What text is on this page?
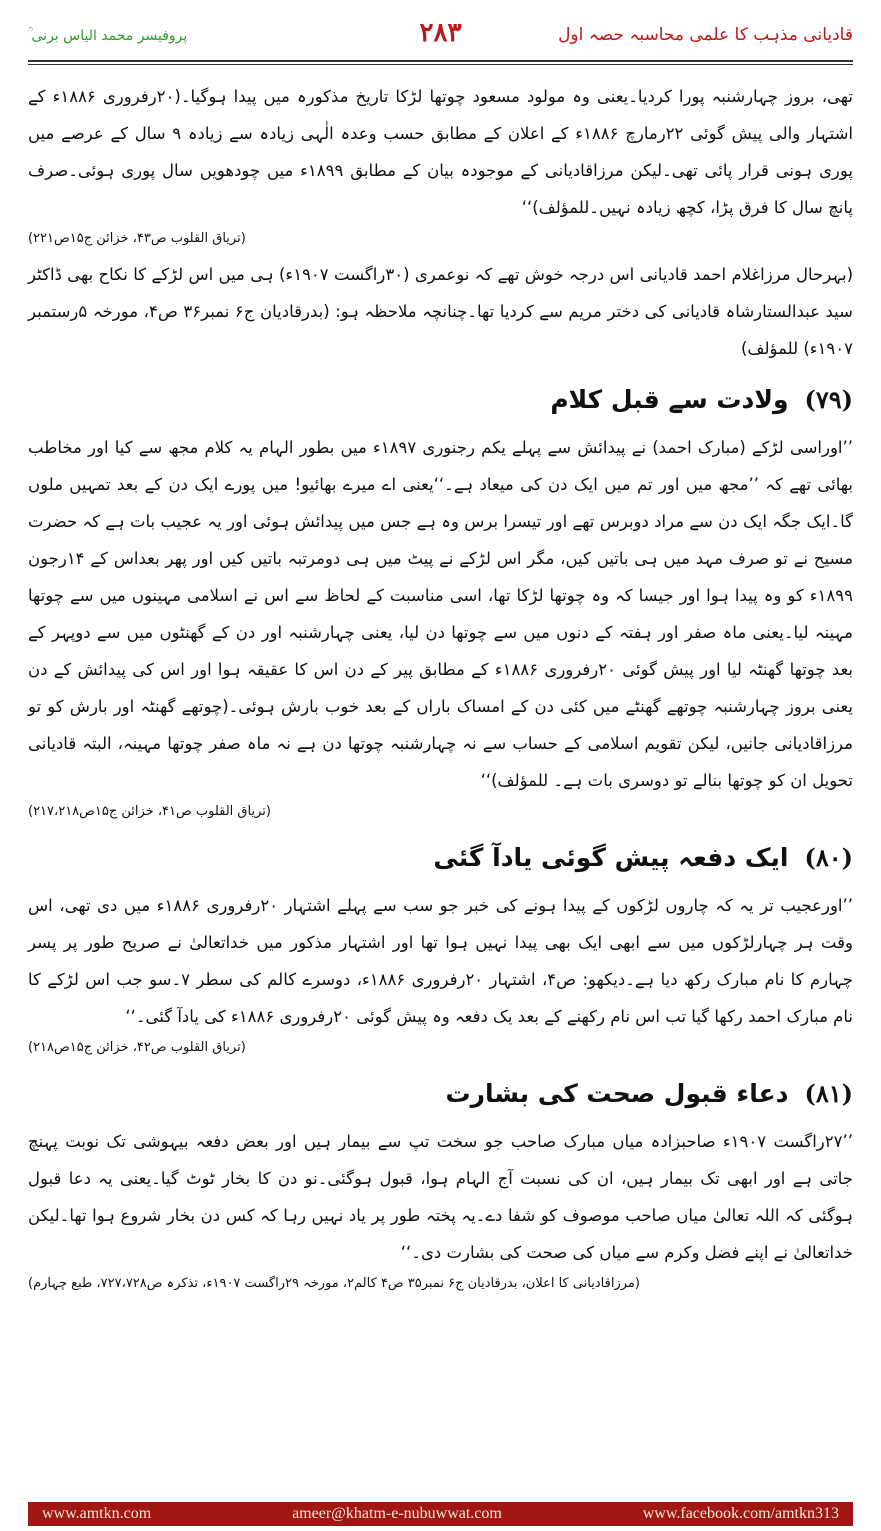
قادیانی مذہب کا علمی محاسبہ حصہ اول
۲۸۳
پروفیسر محمد الیاس برنی ؒ

تھی، بروز چہارشنبہ پورا کردیا۔یعنی وہ مولود مسعود چوتھا لڑکا تاریخ مذکورہ میں پیدا ہوگیا۔(۲۰رفروری ۱۸۸۶ء کے اشتہار والی پیش گوئی ۲۲رمارچ ۱۸۸۶ء کے اعلان کے مطابق حسب وعدہ الٰہی زیادہ سے زیادہ ۹ سال کے عرصے میں پوری ہونی قرار پائی تھی۔لیکن مرزاقادیانی کے موجودہ بیان کے مطابق ۱۸۹۹ء میں چودھویں سال پوری ہوئی۔صرف پانچ سال کا فرق پڑا، کچھ زیادہ نہیں۔للمؤلف)‘‘

(تریاق القلوب ص۴۳، خزائن ج۱۵ص۲۲۱)

(بہرحال مرزاغلام احمد قادیانی اس درجہ خوش تھے کہ نوعمری (۳۰راگست ۱۹۰۷ء) ہی میں اس لڑکے کا نکاح بھی ڈاکٹر سید عبدالستارشاہ قادیانی کی دختر مریم سے کردیا تھا۔چنانچہ ملاحظہ ہو: (بدرقادیان ج۶ نمبر۳۶ ص۴، مورخہ ۵رستمبر ۱۹۰۷ء) للمؤلف)

(۷۹)
ولادت سے قبل کلام

’’اوراسی لڑکے (مبارک احمد) نے پیدائش سے پہلے یکم رجنوری ۱۸۹۷ء میں بطور الہام یہ کلام مجھ سے کیا اور مخاطب بھائی تھے کہ ’’مجھ میں اور تم میں ایک دن کی میعاد ہے۔‘‘یعنی اے میرے بھائیو! میں پورے ایک دن کے بعد تمہیں ملوں گا۔ایک جگہ ایک دن سے مراد دوبرس تھے اور تیسرا برس وہ ہے جس میں پیدائش ہوئی اور یہ عجیب بات ہے کہ حضرت مسیح نے تو صرف مہد میں ہی باتیں کیں، مگر اس لڑکے نے پیٹ میں ہی دومرتبہ باتیں کیں اور پھر بعداس کے ۱۴رجون ۱۸۹۹ء کو وہ پیدا ہوا اور جیسا کہ وہ چوتھا لڑکا تھا، اسی مناسبت کے لحاظ سے اس نے اسلامی مہینوں میں سے چوتھا مہینہ لیا۔یعنی ماہ صفر اور ہفتہ کے دنوں میں سے چوتھا دن لیا، یعنی چہارشنبہ اور دن کے گھنٹوں میں سے دوپہر کے بعد چوتھا گھنٹہ لیا اور پیش گوئی ۲۰رفروری ۱۸۸۶ء کے مطابق پیر کے دن اس کا عقیقہ ہوا اور اس کی پیدائش کے دن یعنی بروز چہارشنبہ چوتھے گھنٹے میں کئی دن کے امساک باراں کے بعد خوب بارش ہوئی۔(چوتھے گھنٹہ اور بارش کو تو مرزاقادیانی جانیں، لیکن تقویم اسلامی کے حساب سے نہ چہارشنبہ چوتھا دن ہے نہ ماہ صفر چوتھا مہینہ، البتہ قادیانی تحویل ان کو چوتھا بنالے تو دوسری بات ہے۔ للمؤلف)‘‘

(تریاق القلوب ص۴۱، خزائن ج۱۵ص۲۱۷،۲۱۸)

(۸۰)
ایک دفعہ پیش گوئی یادآ گئی

’’اورعجیب تر یہ کہ چاروں لڑکوں کے پیدا ہونے کی خبر جو سب سے پہلے اشتہار ۲۰رفروری ۱۸۸۶ء میں دی تھی، اس وقت ہر چہارلڑکوں میں سے ابھی ایک بھی پیدا نہیں ہوا تھا اور اشتہار مذکور میں خداتعالیٰ نے صریح طور پر پسر چہارم کا نام مبارک رکھ دیا ہے۔دیکھو: ص۴، اشتہار ۲۰رفروری ۱۸۸۶ء، دوسرے کالم کی سطر ۷۔سو جب اس لڑکے کا نام مبارک احمد رکھا گیا تب اس نام رکھنے کے بعد یک دفعہ وہ پیش گوئی ۲۰رفروری ۱۸۸۶ء کی یادآ گئی۔‘‘

(تریاق القلوب ص۴۲، خزائن ج۱۵ص۲۱۸)

(۸۱)
دعاء قبول صحت کی بشارت

’’۲۷راگست ۱۹۰۷ء صاحبزادہ میاں مبارک صاحب جو سخت تپ سے بیمار ہیں اور بعض دفعہ بیہوشی تک نوبت پہنچ جاتی ہے اور ابھی تک بیمار ہیں، ان کی نسبت آج الہام ہوا، قبول ہوگئی۔نو دن کا بخار ٹوٹ گیا۔یعنی یہ دعا قبول ہوگئی کہ اللہ تعالیٰ میاں صاحب موصوف کو شفا دے۔یہ پختہ طور پر یاد نہیں رہا کہ کس دن بخار شروع ہوا تھا۔لیکن خداتعالیٰ نے اپنے فضل وکرم سے میاں کی صحت کی بشارت دی۔‘‘

(مرزاقادیانی کا اعلان، بدرقادیان ج۶ نمبر۳۵ ص۴ کالم۲، مورخہ ۲۹راگست ۱۹۰۷ء، تذکرہ ص۷۲۷،۷۲۸، طبع چہارم)

www.amtkn.com	ameer@khatm-e-nubuwwat.com	www.facebook.com/amtkn313
